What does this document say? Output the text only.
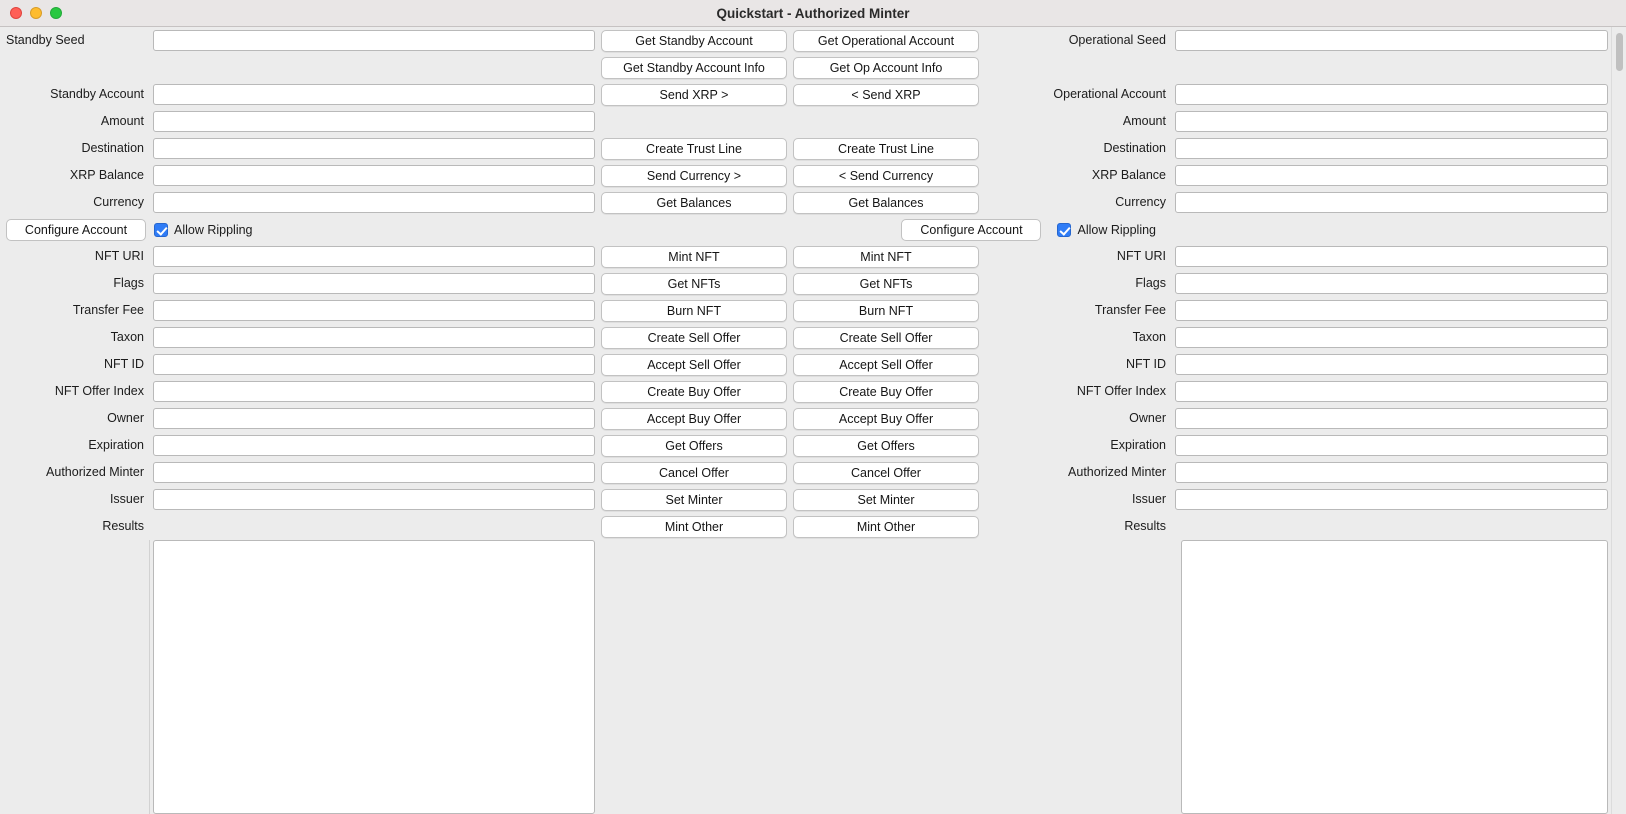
Quickstart - Authorized Minter
Standby Seed	Get Standby Account	Get Operational Account	Operational Seed
Get Standby Account Info	Get Op Account Info
Standby Account	Send XRP >	< Send XRP	Operational Account
Amount	Amount
Destination	Create Trust Line	Create Trust Line	Destination
XRP Balance	Send Currency >	< Send Currency	XRP Balance
Currency	Get Balances	Get Balances	Currency
Configure Account	Allow Rippling	Configure Account	Allow Rippling
NFT URI	Mint NFT	Mint NFT	NFT URI
Flags	Get NFTs	Get NFTs	Flags
Transfer Fee	Burn NFT	Burn NFT	Transfer Fee
Taxon	Create Sell Offer	Create Sell Offer	Taxon
NFT ID	Accept Sell Offer	Accept Sell Offer	NFT ID
NFT Offer Index	Create Buy Offer	Create Buy Offer	NFT Offer Index
Owner	Accept Buy Offer	Accept Buy Offer	Owner
Expiration	Get Offers	Get Offers	Expiration
Authorized Minter	Cancel Offer	Cancel Offer	Authorized Minter
Issuer	Set Minter	Set Minter	Issuer
Results	Mint Other	Mint Other	Results
